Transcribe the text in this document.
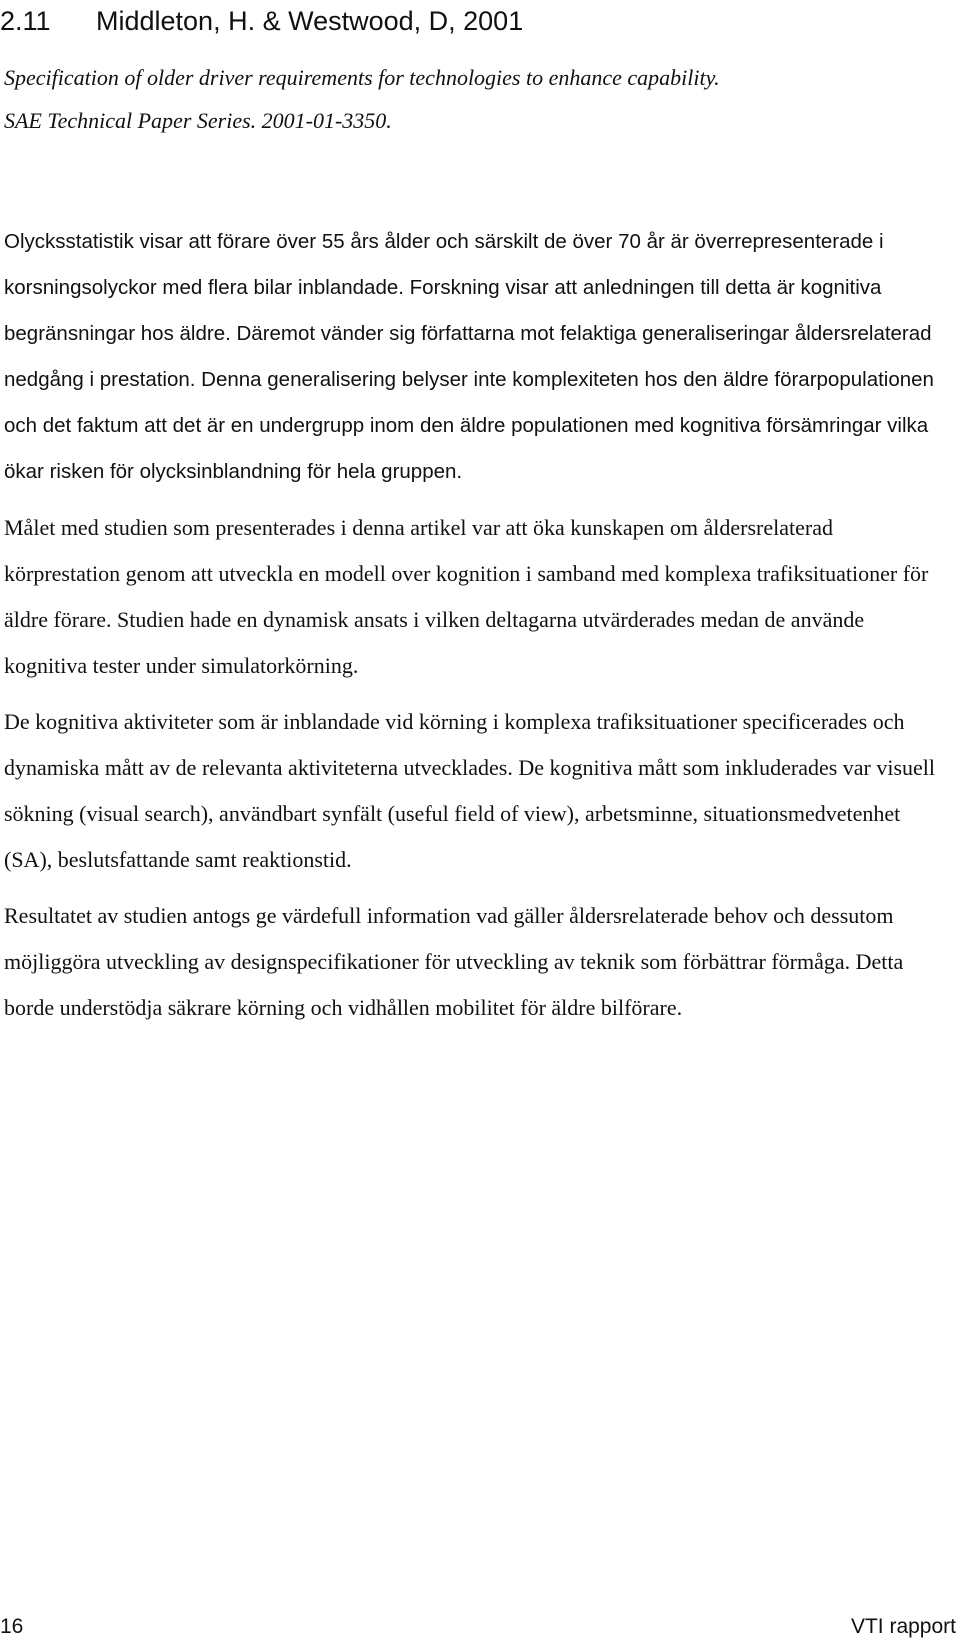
2.11 Middleton, H. & Westwood, D, 2001

Specification of older driver requirements for technologies to enhance capability.

SAE Technical Paper Series. 2001-01-3350.

Olycksstatistik visar att förare över 55 års ålder och särskilt de över 70 år är överrepresenterade i korsningsolyckor med flera bilar inblandade. Forskning visar att anledningen till detta är kognitiva begränsningar hos äldre. Däremot vänder sig författarna mot felaktiga generaliseringar åldersrelaterad nedgång i prestation. Denna generalisering belyser inte komplexiteten hos den äldre förarpopulationen och det faktum att det är en undergrupp inom den äldre populationen med kognitiva försämringar vilka ökar risken för olycksinblandning för hela gruppen.

Målet med studien som presenterades i denna artikel var att öka kunskapen om åldersrelaterad körprestation genom att utveckla en modell over kognition i samband med komplexa trafiksituationer för äldre förare. Studien hade en dynamisk ansats i vilken deltagarna utvärderades medan de använde kognitiva tester under simulatorkörning.

De kognitiva aktiviteter som är inblandade vid körning i komplexa trafiksituationer specificerades och dynamiska mått av de relevanta aktiviteterna utvecklades. De kognitiva mått som inkluderades var visuell sökning (visual search), användbart synfält (useful field of view), arbetsminne, situationsmedvetenhet (SA), beslutsfattande samt reaktionstid.

Resultatet av studien antogs ge värdefull information vad gäller åldersrelaterade behov och dessutom möjliggöra utveckling av designspecifikationer för utveckling av teknik som förbättrar förmåga. Detta borde understödja säkrare körning och vidhållen mobilitet för äldre bilförare.

16	VTI rapport
